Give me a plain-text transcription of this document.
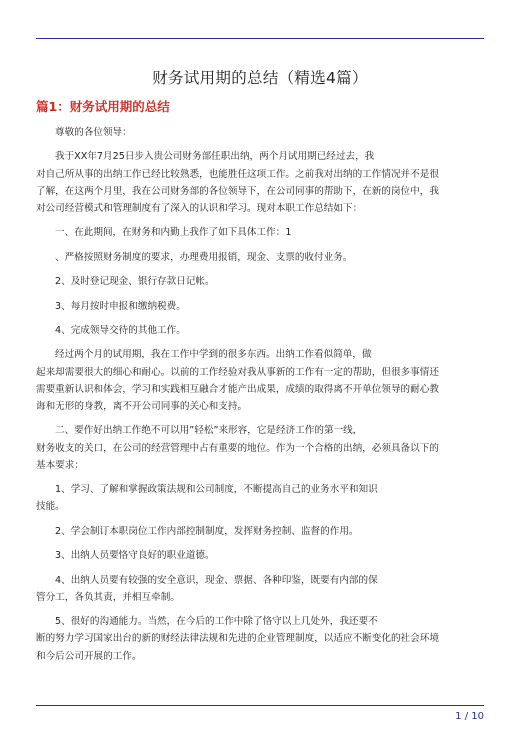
财务试用期的总结（精选4篇）
篇1：财务试用期的总结

尊敬的各位领导：

我于XX年7月25日步入贵公司财务部任职出纳，两个月试用期已经过去，我
对自己所从事的出纳工作已经比较熟悉，也能胜任这项工作。之前我对出纳的工作情况并不是很
了解，在这两个月里，我在公司财务部的各位领导下，在公司同事的帮助下，在新的岗位中，我
对公司经营模式和管理制度有了深入的认识和学习。现对本职工作总结如下：

一、在此期间，在财务和内勤上我作了如下具体工作：1

、严格按照财务制度的要求，办理费用报销，现金、支票的收付业务。

2、及时登记现金、银行存款日记帐。

3、每月按时申报和缴纳税费。

4、完成领导交待的其他工作。

经过两个月的试用期，我在工作中学到的很多东西。出纳工作看似简单，做
起来却需要很大的细心和耐心。以前的工作经验对我从事新的工作有一定的帮助，但很多事情还
需要重新认识和体会，学习和实践相互融合才能产出成果，成绩的取得离不开单位领导的耐心教
诲和无形的身教，离不开公司同事的关心和支持。

二、要作好出纳工作绝不可以用”轻松”来形容，它是经济工作的第一线，
财务收支的关口，在公司的经营管理中占有重要的地位。作为一个合格的出纳，必须具备以下的
基本要求：

1、学习、了解和掌握政策法规和公司制度，不断提高自己的业务水平和知识
技能。

2、学会制订本职岗位工作内部控制制度，发挥财务控制、监督的作用。

3、出纳人员要恪守良好的职业道德。

4、出纳人员要有较强的安全意识，现金、票据、各种印鉴，既要有内部的保
管分工，各负其责，并相互牵制。

5、很好的沟通能力。当然，在今后的工作中除了恪守以上几处外，我还要不
断的努力学习国家出台的新的财经法律法规和先进的企业管理制度，以适应不断变化的社会环境
和今后公司开展的工作。

1 / 10
